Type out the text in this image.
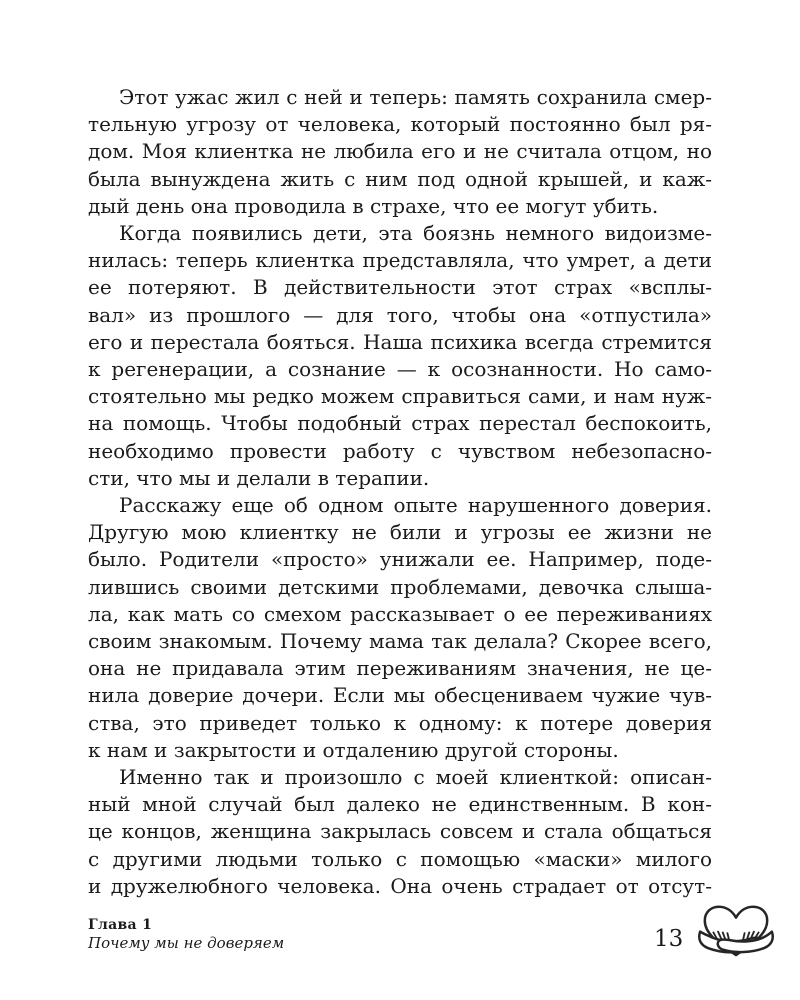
Этот ужас жил с ней и теперь: память сохранила смер-
тельную угрозу от человека, который постоянно был ря-
дом. Моя клиентка не любила его и не считала отцом, но
была вынуждена жить с ним под одной крышей, и каж-
дый день она проводила в страхе, что ее могут убить.
Когда появились дети, эта боязнь немного видоизме-
нилась: теперь клиентка представляла, что умрет, а дети
ее потеряют. В действительности этот страх «всплы-
вал» из прошлого — для того, чтобы она «отпустила»
его и перестала бояться. Наша психика всегда стремится
к регенерации, а сознание — к осознанности. Но само-
стоятельно мы редко можем справиться сами, и нам нуж-
на помощь. Чтобы подобный страх перестал беспокоить,
необходимо провести работу с чувством небезопасно-
сти, что мы и делали в терапии.
Расскажу еще об одном опыте нарушенного доверия.
Другую мою клиентку не били и угрозы ее жизни не
было. Родители «просто» унижали ее. Например, поде-
лившись своими детскими проблемами, девочка слыша-
ла, как мать со смехом рассказывает о ее переживаниях
своим знакомым. Почему мама так делала? Скорее всего,
она не придавала этим переживаниям значения, не це-
нила доверие дочери. Если мы обесцениваем чужие чув-
ства, это приведет только к одному: к потере доверия
к нам и закрытости и отдалению другой стороны.
Именно так и произошло с моей клиенткой: описан-
ный мной случай был далеко не единственным. В кон-
це концов, женщина закрылась совсем и стала общаться
с другими людьми только с помощью «маски» милого
и дружелюбного человека. Она очень страдает от отсут-
Глава 1
Почему мы не доверяем	13
